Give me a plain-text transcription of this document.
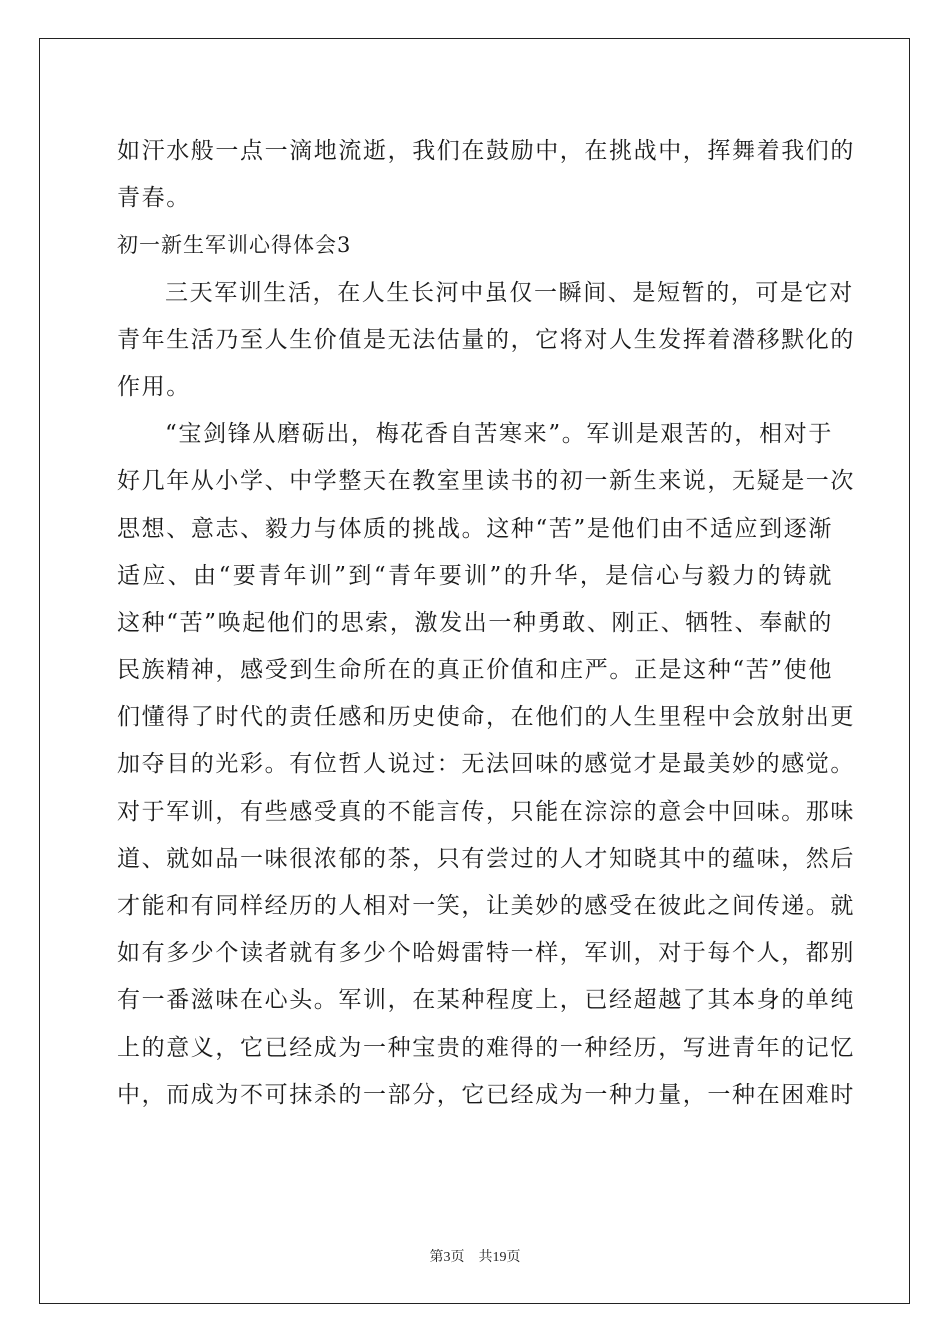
如汗水般一点一滴地流逝，我们在鼓励中，在挑战中，挥舞着我们的
青春。
初一新生军训心得体会3
三天军训生活，在人生长河中虽仅一瞬间、是短暂的，可是它对
青年生活乃至人生价值是无法估量的，它将对人生发挥着潜移默化的
作用。
“宝剑锋从磨砺出，梅花香自苦寒来”。军训是艰苦的，相对于
好几年从小学、中学整天在教室里读书的初一新生来说，无疑是一次
思想、意志、毅力与体质的挑战。这种“苦”是他们由不适应到逐渐
适应、由“要青年训”到“青年要训”的升华，是信心与毅力的铸就
这种“苦”唤起他们的思索，激发出一种勇敢、刚正、牺牲、奉献的
民族精神，感受到生命所在的真正价值和庄严。正是这种“苦”使他
们懂得了时代的责任感和历史使命，在他们的人生里程中会放射出更
加夺目的光彩。有位哲人说过：无法回味的感觉才是最美妙的感觉。
对于军训，有些感受真的不能言传，只能在淙淙的意会中回味。那味
道、就如品一味很浓郁的茶，只有尝过的人才知晓其中的蕴味，然后
才能和有同样经历的人相对一笑，让美妙的感受在彼此之间传递。就
如有多少个读者就有多少个哈姆雷特一样，军训，对于每个人，都别
有一番滋味在心头。军训，在某种程度上，已经超越了其本身的单纯
上的意义，它已经成为一种宝贵的难得的一种经历，写进青年的记忆
中，而成为不可抹杀的一部分，它已经成为一种力量，一种在困难时
第3页 共19页
